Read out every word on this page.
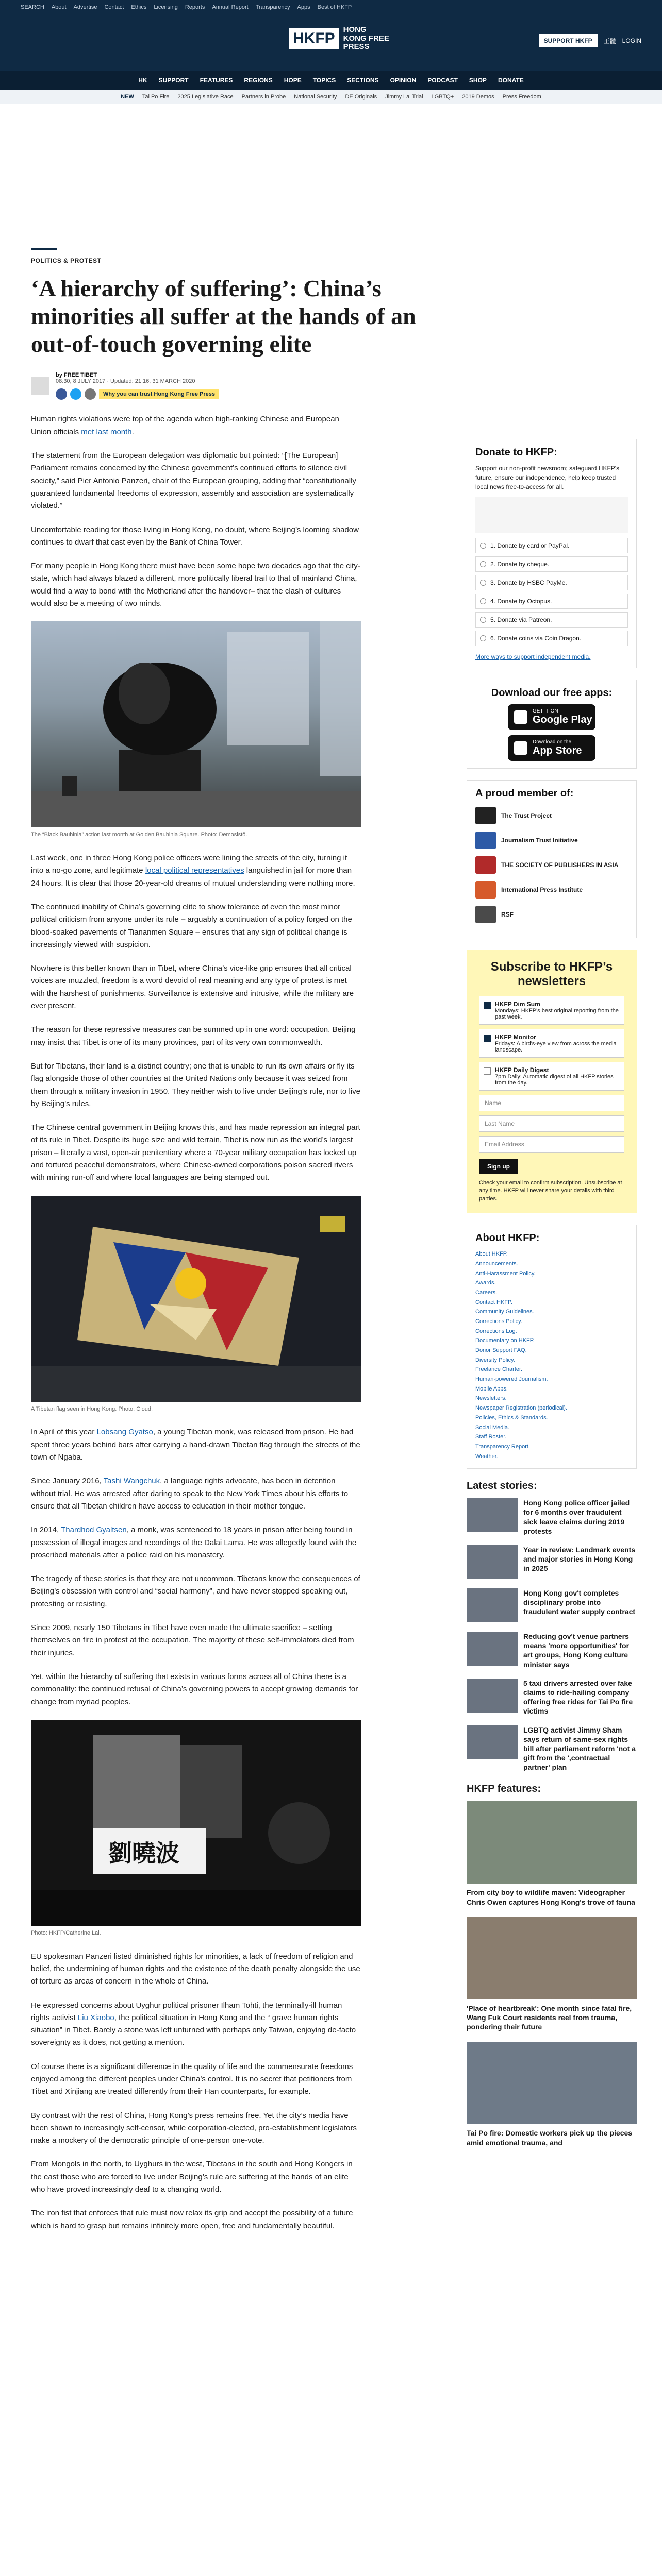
SEARCH About Advertise Contact Ethics Licensing Reports Annual Report Transparency Apps Best of HKFP
HKFP
HONG KONG FREE PRESS
SUPPORT HKFP	正體 LOGIN
HK SUPPORT FEATURES REGIONS HOPE TOPICS SECTIONS OPINION PODCAST SHOP DONATE
NEW Tai Po Fire 2025 Legislative Race Partners in Probe National Security DE Originals Jimmy Lai Trial LGBTQ+ 2019 Demos Press Freedom
POLITICS & PROTEST
‘A hierarchy of suffering’: China’s minorities all suffer at the hands of an out-of-touch governing elite
by FREE TIBET
08:30, 8 JULY 2017 · Updated: 21:16, 31 MARCH 2020
Why you can trust Hong Kong Free Press

Human rights violations were top of the agenda when high-ranking Chinese and European Union officials met last month.

The statement from the European delegation was diplomatic but pointed: “[The European] Parliament remains concerned by the Chinese government’s continued efforts to silence civil society,” said Pier Antonio Panzeri, chair of the European grouping, adding that “constitutionally guaranteed fundamental freedoms of expression, assembly and association are systematically violated.”

Uncomfortable reading for those living in Hong Kong, no doubt, where Beijing’s looming shadow continues to dwarf that cast even by the Bank of China Tower.

For many people in Hong Kong there must have been some hope two decades ago that the city-state, which had always blazed a different, more politically liberal trail to that of mainland China, would find a way to bond with the Motherland after the handover– that the clash of cultures would also be a meeting of two minds.

The “Black Bauhinia” action last month at Golden Bauhinia Square. Photo: Demosistō.

Last week, one in three Hong Kong police officers were lining the streets of the city, turning it into a no-go zone, and legitimate local political representatives languished in jail for more than 24 hours. It is clear that those 20-year-old dreams of mutual understanding were nothing more.

The continued inability of China’s governing elite to show tolerance of even the most minor political criticism from anyone under its rule – arguably a continuation of a policy forged on the blood-soaked pavements of Tiananmen Square – ensures that any sign of political change is increasingly viewed with suspicion.

Nowhere is this better known than in Tibet, where China’s vice-like grip ensures that all critical voices are muzzled, freedom is a word devoid of real meaning and any type of protest is met with the harshest of punishments. Surveillance is extensive and intrusive, while the military are ever present.

The reason for these repressive measures can be summed up in one word: occupation. Beijing may insist that Tibet is one of its many provinces, part of its very own commonwealth.

But for Tibetans, their land is a distinct country; one that is unable to run its own affairs or fly its flag alongside those of other countries at the United Nations only because it was seized from them through a military invasion in 1950. They neither wish to live under Beijing’s rule, nor to live by Beijing’s rules.

The Chinese central government in Beijing knows this, and has made repression an integral part of its rule in Tibet. Despite its huge size and wild terrain, Tibet is now run as the world’s largest prison – literally a vast, open-air penitentiary where a 70-year military occupation has locked up and tortured peaceful demonstrators, where Chinese-owned corporations poison sacred rivers with mining run-off and where local languages are being stamped out.

A Tibetan flag seen in Hong Kong. Photo: Cloud.

In April of this year Lobsang Gyatso, a young Tibetan monk, was released from prison. He had spent three years behind bars after carrying a hand-drawn Tibetan flag through the streets of the town of Ngaba.

Since January 2016, Tashi Wangchuk, a language rights advocate, has been in detention without trial. He was arrested after daring to speak to the New York Times about his efforts to ensure that all Tibetan children have access to education in their mother tongue.

In 2014, Thardhod Gyaltsen, a monk, was sentenced to 18 years in prison after being found in possession of illegal images and recordings of the Dalai Lama. He was allegedly found with the proscribed materials after a police raid on his monastery.

The tragedy of these stories is that they are not uncommon. Tibetans know the consequences of Beijing’s obsession with control and “social harmony”, and have never stopped speaking out, protesting or resisting.

Since 2009, nearly 150 Tibetans in Tibet have even made the ultimate sacrifice – setting themselves on fire in protest at the occupation. The majority of these self-immolators died from their injuries.

Yet, within the hierarchy of suffering that exists in various forms across all of China there is a commonality: the continued refusal of China’s governing powers to accept growing demands for change from myriad peoples.

劉曉波
Photo: HKFP/Catherine Lai.

EU spokesman Panzeri listed diminished rights for minorities, a lack of freedom of religion and belief, the undermining of human rights and the existence of the death penalty alongside the use of torture as areas of concern in the whole of China.

He expressed concerns about Uyghur political prisoner Ilham Tohti, the terminally-ill human rights activist Liu Xiaobo, the political situation in Hong Kong and the “ grave human rights situation” in Tibet. Barely a stone was left unturned with perhaps only Taiwan, enjoying de-facto sovereignty as it does, not getting a mention.

Of course there is a significant difference in the quality of life and the commensurate freedoms enjoyed among the different peoples under China’s control. It is no secret that petitioners from Tibet and Xinjiang are treated differently from their Han counterparts, for example.

By contrast with the rest of China, Hong Kong’s press remains free. Yet the city’s media have been shown to increasingly self-censor, while corporation-elected, pro-establishment legislators make a mockery of the democratic principle of one-person one-vote.

From Mongols in the north, to Uyghurs in the west, Tibetans in the south and Hong Kongers in the east those who are forced to live under Beijing’s rule are suffering at the hands of an elite who have proved increasingly deaf to a changing world.

The iron fist that enforces that rule must now relax its grip and accept the possibility of a future which is hard to grasp but remains infinitely more open, free and fundamentally beautiful.

Donate to HKFP:

Support our non-profit newsroom; safeguard HKFP's future, ensure our independence, help keep trusted local news free-to-access for all.

1. Donate by card or PayPal.
2. Donate by cheque.
3. Donate by HSBC PayMe.
4. Donate by Octopus.
5. Donate via Patreon.
6. Donate coins via Coin Dragon.

More ways to support independent media.

Download our free apps:
GET IT ON
Google Play
Download on the
App Store
A proud member of:
The Trust Project
Journalism Trust Initiative
THE SOCIETY OF PUBLISHERS IN ASIA
International Press Institute
RSF
Subscribe to HKFP’s newsletters
HKFP Dim Sum
Mondays: HKFP's best original reporting from the past week.
HKFP Monitor
Fridays: A bird's-eye view from across the media landscape.
HKFP Daily Digest
7pm Daily: Automatic digest of all HKFP stories from the day.
Name
Last Name
Email Address
Sign up

Check your email to confirm subscription. Unsubscribe at any time. HKFP will never share your details with third parties.

About HKFP:
About HKFP.
Announcements.
Anti-Harassment Policy.
Awards.
Careers.
Contact HKFP.
Community Guidelines.
Corrections Policy.
Corrections Log.
Documentary on HKFP.
Donor Support FAQ.
Diversity Policy.
Freelance Charter.
Human-powered Journalism.
Mobile Apps.
Newsletters.
Newspaper Registration (periodical).
Policies, Ethics & Standards.
Social Media.
Staff Roster.
Transparency Report.
Weather.
Latest stories:
Hong Kong police officer jailed for 6 months over fraudulent sick leave claims during 2019 protests
Year in review: Landmark events and major stories in Hong Kong in 2025
Hong Kong gov't completes disciplinary probe into fraudulent water supply contract
Reducing gov't venue partners means 'more opportunities' for art groups, Hong Kong culture minister says
5 taxi drivers arrested over fake claims to ride-hailing company offering free rides for Tai Po fire victims
LGBTQ activist Jimmy Sham says return of same-sex rights bill after parliament reform 'not a gift from the ',contractual partner' plan
HKFP features:
From city boy to wildlife maven: Videographer Chris Owen captures Hong Kong's trove of fauna
'Place of heartbreak': One month since fatal fire, Wang Fuk Court residents reel from trauma, pondering their future
Tai Po fire: Domestic workers pick up the pieces amid emotional trauma, and
